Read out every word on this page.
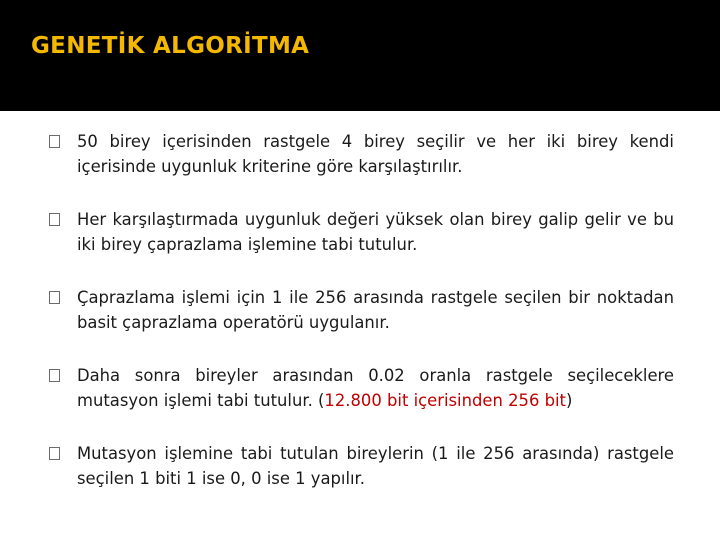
GENETİK ALGORİTMA
50 birey içerisinden rastgele 4 birey seçilir ve her iki birey kendi içerisinde uygunluk kriterine göre karşılaştırılır.
Her karşılaştırmada uygunluk değeri yüksek olan birey galip gelir ve bu iki birey çaprazlama işlemine tabi tutulur.
Çaprazlama işlemi için 1 ile 256 arasında rastgele seçilen bir noktadan basit çaprazlama operatörü uygulanır.
Daha sonra bireyler arasından 0.02 oranla rastgele seçileceklere mutasyon işlemi tabi tutulur. (12.800 bit içerisinden 256 bit)
Mutasyon işlemine tabi tutulan bireylerin (1 ile 256 arasında) rastgele seçilen 1 biti 1 ise 0, 0 ise 1 yapılır.
